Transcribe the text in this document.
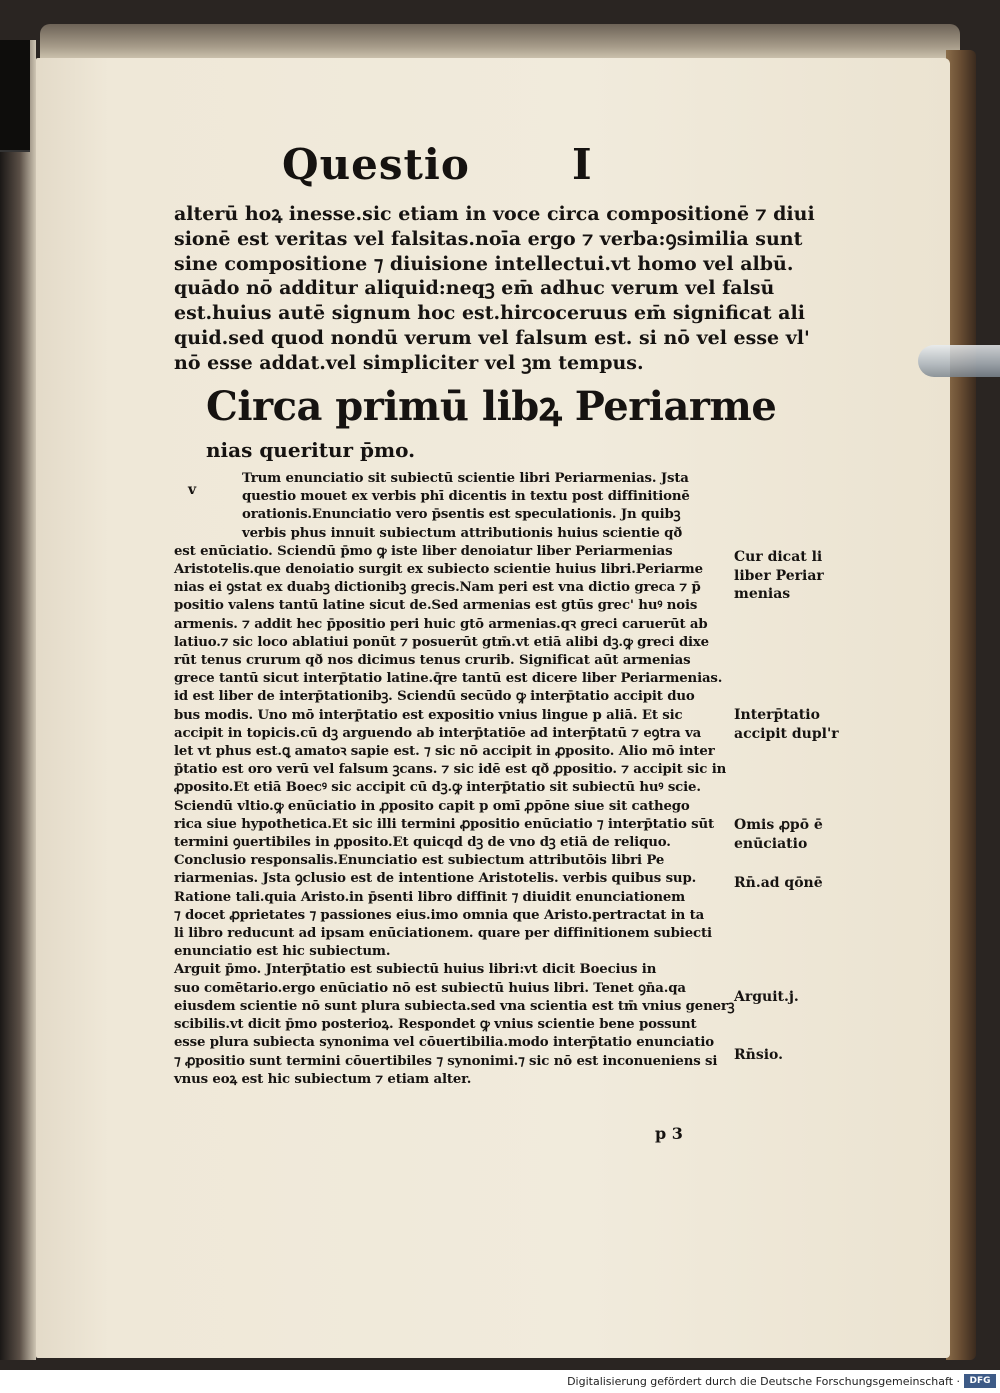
Questio I
alterū hoꝝ inesse.sic etiam in voce circa compositionē ⁊ diui
sionē est veritas vel falsitas.noīa ergo ⁊ verba:ꝯsimilia sunt
sine compositione ⁊ diuisione intellectui.vt homo vel albū.
quādo nō additur aliquid:neqꝫ em̄ adhuc verum vel falsū
est.huius autē signum hoc est.hircoceruus em̄ significat ali
quid.sed quod nondū verum vel falsum est. si nō vel esse vl'
nō esse addat.vel simpliciter vel ꝫm tempus.
Circa primū libꝝ Periarme
nias queritur p̄mo.
v
Trum enunciatio sit subiectū scientie libri Periarmenias. Jsta
questio mouet ex verbis phī dicentis in textu post diffinitionē
orationis.Enunciatio vero p̄sentis est speculationis. Jn quibꝫ
verbis phus innuit subiectum attributionis huius scientie qð
est enūciatio. Sciendū p̄mo ꝙ iste liber denoiatur liber Periarmenias
Aristotelis.que denoiatio surgit ex subiecto scientie huius libri.Periarme
nias ei ꝯstat ex duabꝫ dictionibꝫ grecis.Nam peri est vna dictio greca ⁊ p̄
positio valens tantū latine sicut de.Sed armenias est gtūs grec' huꝰ nois
armenis. ⁊ addit hec p̄positio peri huic gtō armenias.qꝛ greci caruerūt ab
latiuo.⁊ sic loco ablatiui ponūt ⁊ posuerūt gtm̄.vt etiā alibi dꝫ.ꝙ greci dixe
rūt tenus crurum qð nos dicimus tenus crurib. Significat aūt armenias
grece tantū sicut interp̄tatio latine.q̄re tantū est dicere liber Periarmenias.
id est liber de interp̄tationibꝫ. Sciendū secūdo ꝙ interp̄tatio accipit duo
bus modis. Uno mō interp̄tatio est expositio vnius lingue p aliā. Et sic
accipit in topicis.cū dꝫ arguendo ab interp̄tatiōe ad interp̄tatū ⁊ eꝯtra va
let vt phus est.ꝗ amatoꝛ sapie est. ⁊ sic nō accipit in ꝓposito. Alio mō inter
p̄tatio est oro verū vel falsum ꝫcans. ⁊ sic idē est qð ꝓpositio. ⁊ accipit sic in
ꝓposito.Et etiā Boecꝰ sic accipit cū dꝫ.ꝙ interp̄tatio sit subiectū huꝰ scie.
Sciendū vltio.ꝙ enūciatio in ꝓposito capit p omī ꝓpōne siue sit cathego
rica siue hypothetica.Et sic illi termini ꝓpositio enūciatio ⁊ interp̄tatio sūt
termini ꝯuertibiles in ꝓposito.Et quicqd dꝫ de vno dꝫ etiā de reliquo.
Conclusio responsalis.Enunciatio est subiectum attributōis libri Pe
riarmenias. Jsta ꝯclusio est de intentione Aristotelis. verbis quibus sup.
Ratione tali.quia Aristo.in p̄senti libro diffinit ⁊ diuidit enunciationem
⁊ docet ꝓprietates ⁊ passiones eius.imo omnia que Aristo.pertractat in ta
li libro reducunt ad ipsam enūciationem. quare per diffinitionem subiecti
enunciatio est hic subiectum.
Arguit p̄mo. Jnterp̄tatio est subiectū huius libri:vt dicit Boecius in
suo comētario.ergo enūciatio nō est subiectū huius libri. Tenet ꝯn̄a.qa
eiusdem scientie nō sunt plura subiecta.sed vna scientia est tm̄ vnius generꝫ
scibilis.vt dicit p̄mo posterioꝝ. Respondet ꝙ vnius scientie bene possunt
esse plura subiecta synonima vel cōuertibilia.modo interp̄tatio enunciatio
⁊ ꝓpositio sunt termini cōuertibiles ⁊ synonimi.⁊ sic nō est inconueniens si
vnus eoꝝ est hic subiectum ⁊ etiam alter.
Cur dicat li
liber Periar
menias
Interp̄tatio
accipit dupl'r
Omis ꝓpō ē
enūciatio
Rn̄.ad qōnē
Arguit.j.
Rn̄sio.
p 3
Digitalisierung gefördert durch die Deutsche Forschungsgemeinschaft ·	DFG
